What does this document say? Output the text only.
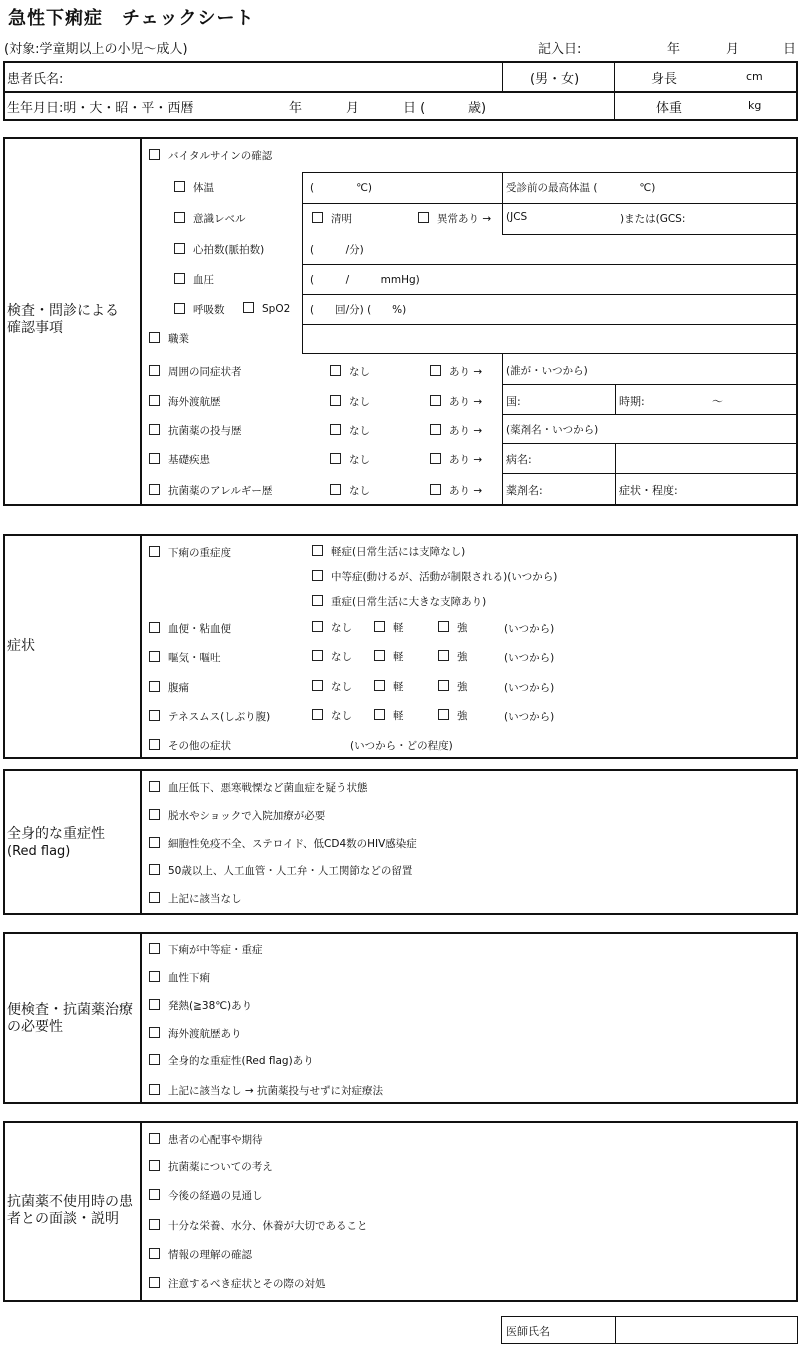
急性下痢症　チェックシート
(対象:学童期以上の小児～成人)	記入日:	年	月	日
患者氏名:	(男・女)	身長	cm
生年月日:明・大・昭・平・西暦	年	月	日 (	歳)	体重	kg
検査・問診による確認事項
バイタルサインの確認
体温	(　　　　℃)	受診前の最高体温 (　　　　℃)
意識レベル	清明	異常あり → (JCS	)または(GCS:
心拍数(脈拍数)	(　　　/分)
血圧	(　　　/　　　mmHg)
呼吸数	SpO2 (　　回/分) (　　%)
職業
周囲の同症状者	なし	あり → (誰が・いつから)
海外渡航歴	なし	あり → 国:	時期:	～
抗菌薬の投与歴	なし	あり → (薬剤名・いつから)
基礎疾患	なし	あり → 病名:
抗菌薬のアレルギー歴	なし	あり → 薬剤名:	症状・程度:
症状
下痢の重症度	軽症(日常生活には支障なし)
中等症(動けるが、活動が制限される)(いつから)
重症(日常生活に大きな支障あり)
血便・粘血便	なし	軽	強	(いつから)
嘔気・嘔吐	なし	軽	強	(いつから)
腹痛	なし	軽	強	(いつから)
テネスムス(しぶり腹)	なし	軽	強	(いつから)
その他の症状	(いつから・どの程度)
全身的な重症性
(Red flag)
血圧低下、悪寒戦慄など菌血症を疑う状態
脱水やショックで入院加療が必要
細胞性免疫不全、ステロイド、低CD4数のHIV感染症
50歳以上、人工血管・人工弁・人工関節などの留置
上記に該当なし
便検査・抗菌薬治療の必要性
下痢が中等症・重症
血性下痢
発熱(≧38℃)あり
海外渡航歴あり
全身的な重症性(Red flag)あり
上記に該当なし → 抗菌薬投与せずに対症療法
抗菌薬不使用時の患者との面談・説明
患者の心配事や期待
抗菌薬についての考え
今後の経過の見通し
十分な栄養、水分、休養が大切であること
情報の理解の確認
注意するべき症状とその際の対処
医師氏名
